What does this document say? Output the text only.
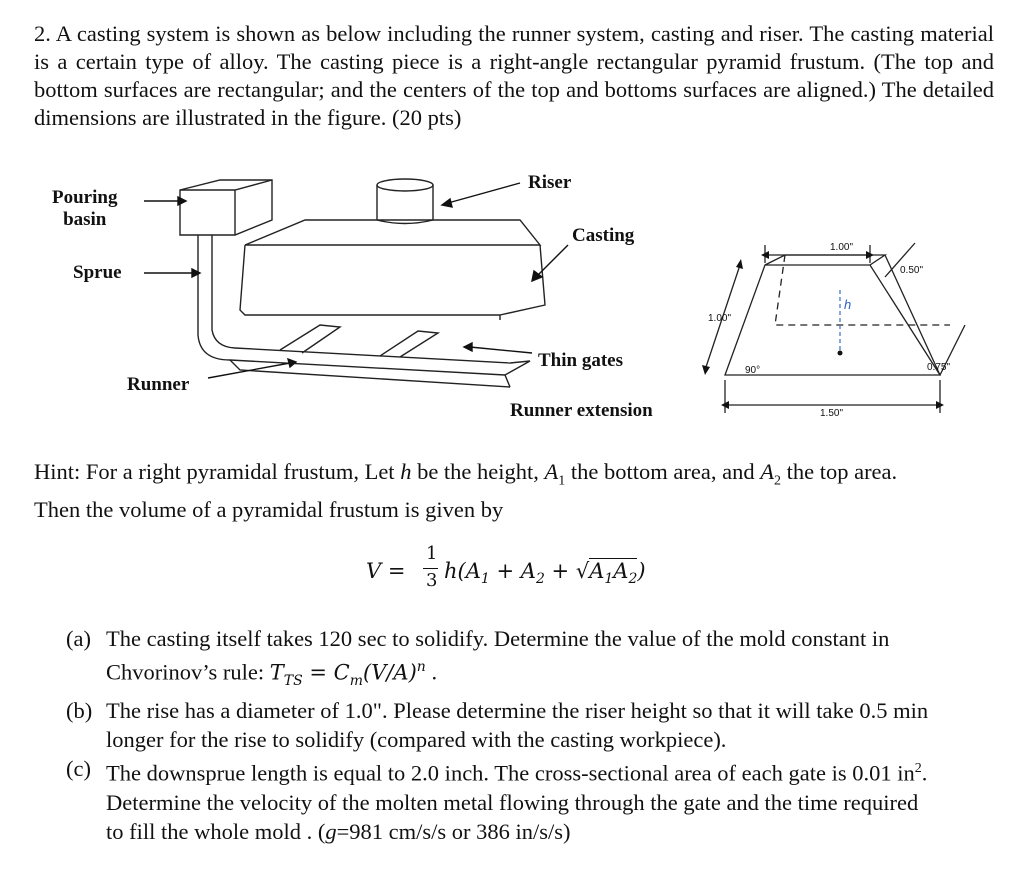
2. A casting system is shown as below including the runner system, casting and riser. The casting material is a certain type of alloy. The casting piece is a right-angle rectangular pyramid frustum. (The top and bottom surfaces are rectangular; and the centers of the top and bottoms surfaces are aligned.) The detailed dimensions are illustrated in the figure. (20 pts)
Pouring
basin
Sprue
Runner
Riser
Casting
Thin gates
Runner extension
1.00"
0.50"
h
1.00"
90°
1.50"
0.75"
Hint: For a right pyramidal frustum, Let h be the height, $A_1$ the bottom area, and $A_2$ the top area.
Then the volume of a pyramidal frustum is given by
V =
1
3 $h(A_1 + A_2 + √A_1A_2)$
(a) The casting itself takes 120 sec to solidify. Determine the value of the mold constant in
Chvorinov’s rule: $T_{TS} = C_m(V/A)^n$ .
(b) The rise has a diameter of 1.0". Please determine the riser height so that it will take 0.5 min
longer for the rise to solidify (compared with the casting workpiece).
(c) The downsprue length is equal to 2.0 inch. The cross-sectional area of each gate is 0.01 $in^2$.
Determine the velocity of the molten metal flowing through the gate and the time required
to fill the whole mold . (g=981 cm/s/s or 386 in/s/s)
